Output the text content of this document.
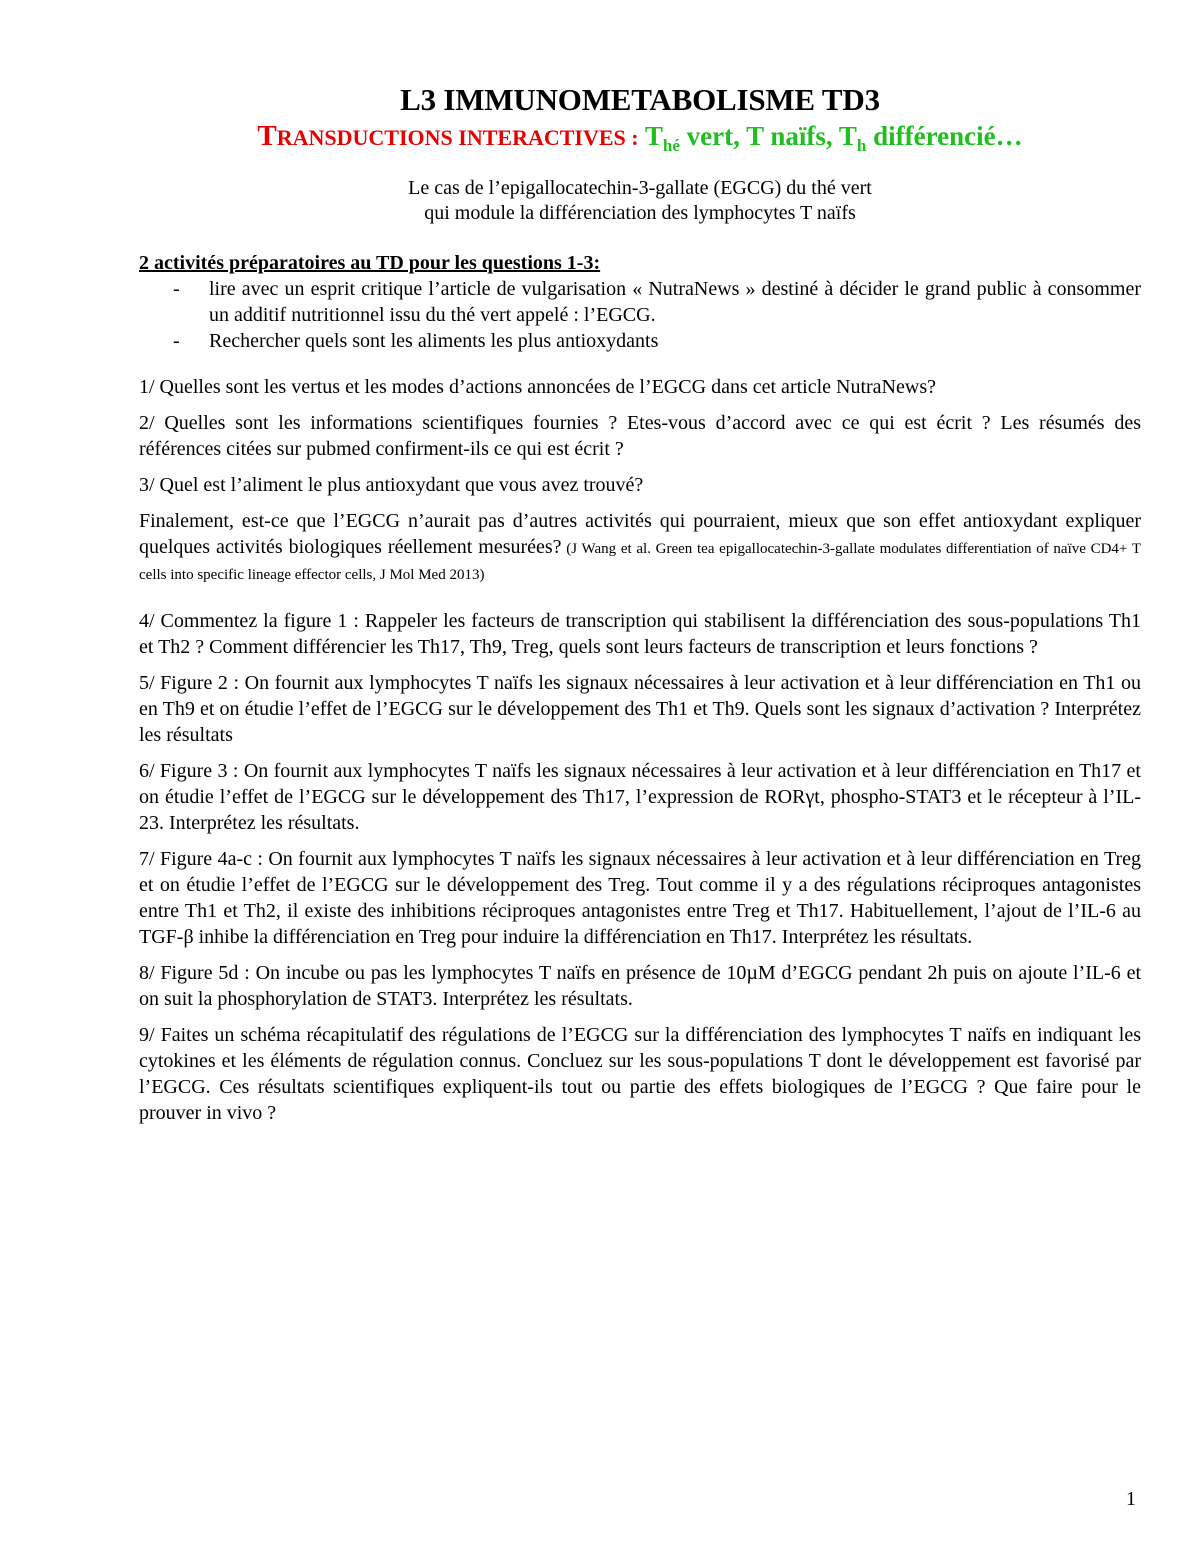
L3 IMMUNOMETABOLISME TD3
TRANSDUCTIONS INTERACTIVES : $T_{hé}$ vert, T naïfs, $T_h$ différencié…
Le cas de l’epigallocatechin-3-gallate (EGCG) du thé vert
qui module la différenciation des lymphocytes T naïfs
2 activités préparatoires au TD pour les questions 1-3:
- lire avec un esprit critique l’article de vulgarisation « NutraNews » destiné à décider le grand public à consommer un additif nutritionnel issu du thé vert appelé : l’EGCG.
- Rechercher quels sont les aliments les plus antioxydants

1/ Quelles sont les vertus et les modes d’actions annoncées de l’EGCG dans cet article NutraNews?

2/ Quelles sont les informations scientifiques fournies ? Etes-vous d’accord avec ce qui est écrit ? Les résumés des références citées sur pubmed confirment-ils ce qui est écrit ?

3/ Quel est l’aliment le plus antioxydant que vous avez trouvé?

Finalement, est-ce que l’EGCG n’aurait pas d’autres activités qui pourraient, mieux que son effet antioxydant expliquer quelques activités biologiques réellement mesurées? (J Wang et al. Green tea epigallocatechin-3-gallate modulates differentiation of naïve CD4+ T cells into specific lineage effector cells, J Mol Med 2013)

4/ Commentez la figure 1 : Rappeler les facteurs de transcription qui stabilisent la différenciation des sous-populations Th1 et Th2 ? Comment différencier les Th17, Th9, Treg, quels sont leurs facteurs de transcription et leurs fonctions ?

5/ Figure 2 : On fournit aux lymphocytes T naïfs les signaux nécessaires à leur activation et à leur différenciation en Th1 ou en Th9 et on étudie l’effet de l’EGCG sur le développement des Th1 et Th9. Quels sont les signaux d’activation ? Interprétez les résultats

6/ Figure 3 : On fournit aux lymphocytes T naïfs les signaux nécessaires à leur activation et à leur différenciation en Th17 et on étudie l’effet de l’EGCG sur le développement des Th17, l’expression de RORγt, phospho-STAT3 et le récepteur à l’IL-23. Interprétez les résultats.

7/ Figure 4a-c : On fournit aux lymphocytes T naïfs les signaux nécessaires à leur activation et à leur différenciation en Treg et on étudie l’effet de l’EGCG sur le développement des Treg. Tout comme il y a des régulations réciproques antagonistes entre Th1 et Th2, il existe des inhibitions réciproques antagonistes entre Treg et Th17. Habituellement, l’ajout de l’IL-6 au TGF-β inhibe la différenciation en Treg pour induire la différenciation en Th17. Interprétez les résultats.

8/ Figure 5d : On incube ou pas les lymphocytes T naïfs en présence de 10µM d’EGCG pendant 2h puis on ajoute l’IL-6 et on suit la phosphorylation de STAT3. Interprétez les résultats.

9/ Faites un schéma récapitulatif des régulations de l’EGCG sur la différenciation des lymphocytes T naïfs en indiquant les cytokines et les éléments de régulation connus. Concluez sur les sous-populations T dont le développement est favorisé par l’EGCG. Ces résultats scientifiques expliquent-ils tout ou partie des effets biologiques de l’EGCG ? Que faire pour le prouver in vivo ?

1
